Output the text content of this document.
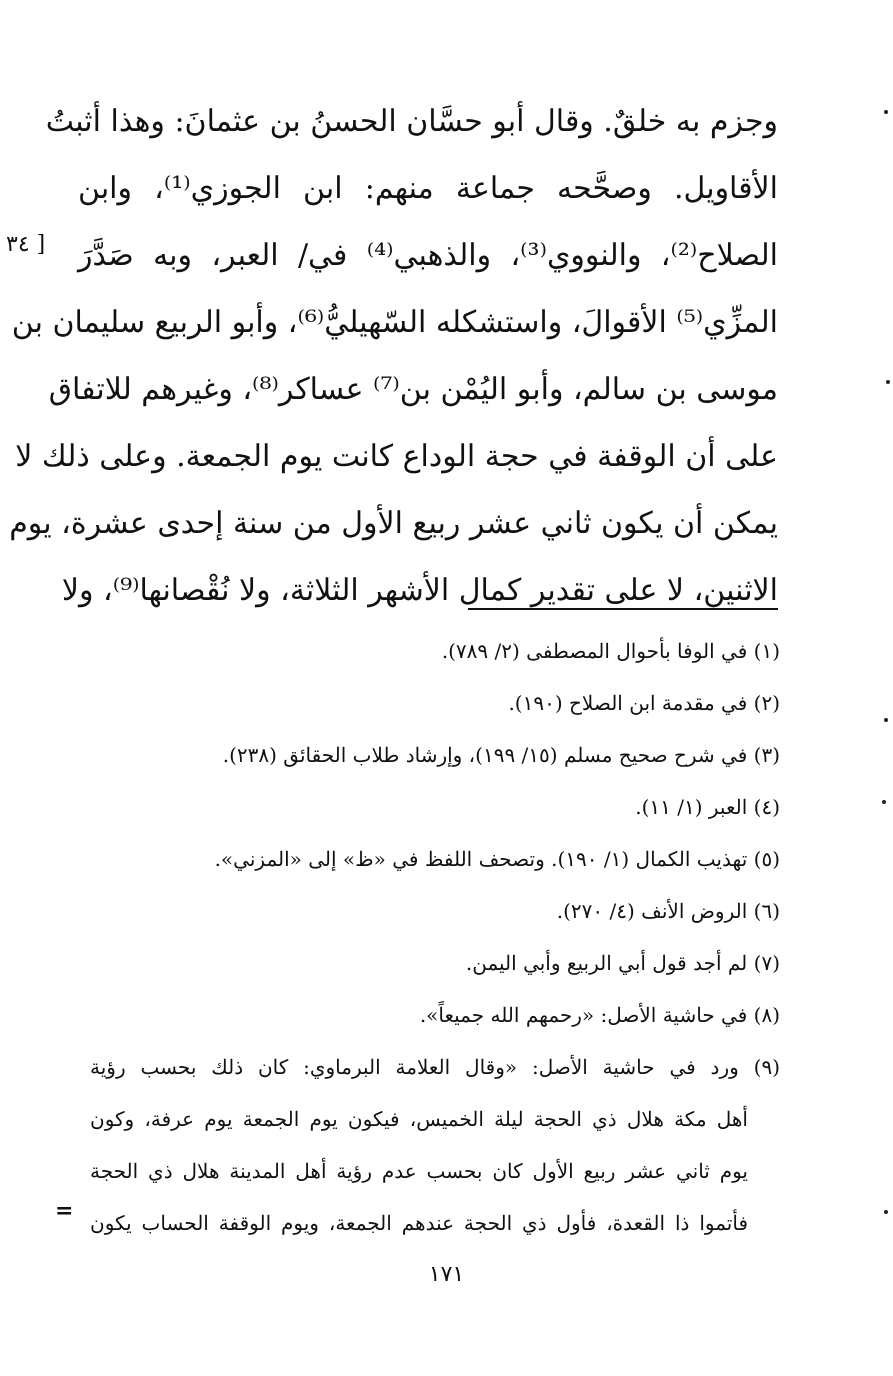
[ ٣٤
وجزم به خلقٌ. وقال أبو حسَّان الحسنُ بن عثمانَ: وهذا أثبتُ
الأقاويل. وصحَّحه جماعة منهم: ابن الجوزي⁽¹⁾، وابن
الصلاح⁽²⁾، والنووي⁽³⁾، والذهبي⁽⁴⁾ في/ العبر، وبه صَدَّرَ
المزِّي⁽⁵⁾ الأقوالَ، واستشكله السّهيليُّ⁽⁶⁾، وأبو الربيع سليمان بن
موسى بن سالم، وأبو اليُمْن بن⁽⁷⁾ عساكر⁽⁸⁾، وغيرهم للاتفاق
على أن الوقفة في حجة الوداع كانت يوم الجمعة. وعلى ذلك لا
يمكن أن يكون ثاني عشر ربيع الأول من سنة إحدى عشرة، يوم
الاثنين، لا على تقدير كمال الأشهر الثلاثة، ولا نُقْصانها⁽⁹⁾، ولا
(١) في الوفا بأحوال المصطفى (٢/ ٧٨٩).
(٢) في مقدمة ابن الصلاح (١٩٠).
(٣) في شرح صحيح مسلم (١٥/ ١٩٩)، وإرشاد طلاب الحقائق (٢٣٨).
(٤) العبر (١/ ١١).
(٥) تهذيب الكمال (١/ ١٩٠). وتصحف اللفظ في «ظ» إلى «المزني».
(٦) الروض الأنف (٤/ ٢٧٠).
(٧) لم أجد قول أبي الربيع وأبي اليمن.
(٨) في حاشية الأصل: «رحمهم الله جميعاً».
(٩) ورد في حاشية الأصل: «وقال العلامة البرماوي: كان ذلك بحسب رؤية
أهل مكة هلال ذي الحجة ليلة الخميس، فيكون يوم الجمعة يوم عرفة، وكون
يوم ثاني عشر ربيع الأول كان بحسب عدم رؤية أهل المدينة هلال ذي الحجة
فأتموا ذا القعدة، فأول ذي الحجة عندهم الجمعة، ويوم الوقفة الحساب يكون
=
١٧١
